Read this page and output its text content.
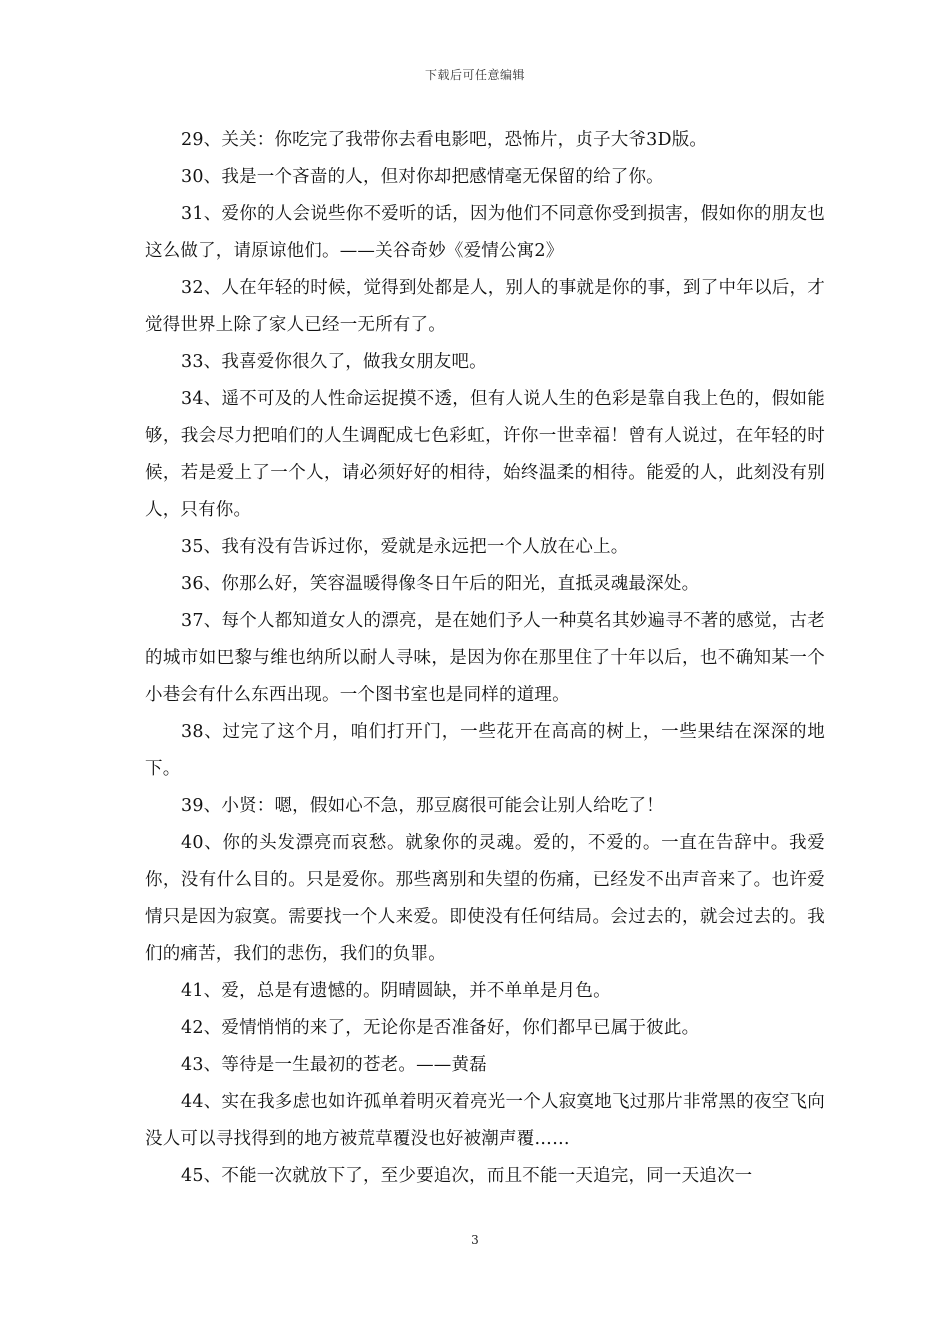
下载后可任意编辑

29、关关：你吃完了我带你去看电影吧，恐怖片，贞子大爷3D版。

30、我是一个吝啬的人，但对你却把感情毫无保留的给了你。

31、爱你的人会说些你不爱听的话，因为他们不同意你受到损害，假如你的朋友也这么做了，请原谅他们。——关谷奇妙《爱情公寓2》

32、人在年轻的时候，觉得到处都是人，别人的事就是你的事，到了中年以后，才觉得世界上除了家人已经一无所有了。

33、我喜爱你很久了，做我女朋友吧。

34、遥不可及的人性命运捉摸不透，但有人说人生的色彩是靠自我上色的，假如能够，我会尽力把咱们的人生调配成七色彩虹，许你一世幸福！曾有人说过，在年轻的时候，若是爱上了一个人，请必须好好的相待，始终温柔的相待。能爱的人，此刻没有别人，只有你。

35、我有没有告诉过你，爱就是永远把一个人放在心上。

36、你那么好，笑容温暖得像冬日午后的阳光，直抵灵魂最深处。

37、每个人都知道女人的漂亮，是在她们予人一种莫名其妙遍寻不著的感觉，古老的城市如巴黎与维也纳所以耐人寻味，是因为你在那里住了十年以后，也不确知某一个小巷会有什么东西出现。一个图书室也是同样的道理。

38、过完了这个月，咱们打开门，一些花开在高高的树上，一些果结在深深的地下。

39、小贤：嗯，假如心不急，那豆腐很可能会让别人给吃了！

40、你的头发漂亮而哀愁。就象你的灵魂。爱的，不爱的。一直在告辞中。我爱你，没有什么目的。只是爱你。那些离别和失望的伤痛，已经发不出声音来了。也许爱情只是因为寂寞。需要找一个人来爱。即使没有任何结局。会过去的，就会过去的。我们的痛苦，我们的悲伤，我们的负罪。

41、爱，总是有遗憾的。阴晴圆缺，并不单单是月色。

42、爱情悄悄的来了，无论你是否准备好，你们都早已属于彼此。

43、等待是一生最初的苍老。——黄磊

44、实在我多虑也如许孤单着明灭着亮光一个人寂寞地飞过那片非常黑的夜空飞向没人可以寻找得到的地方被荒草覆没也好被潮声覆……

45、不能一次就放下了，至少要追次，而且不能一天追完，同一天追次一

3
